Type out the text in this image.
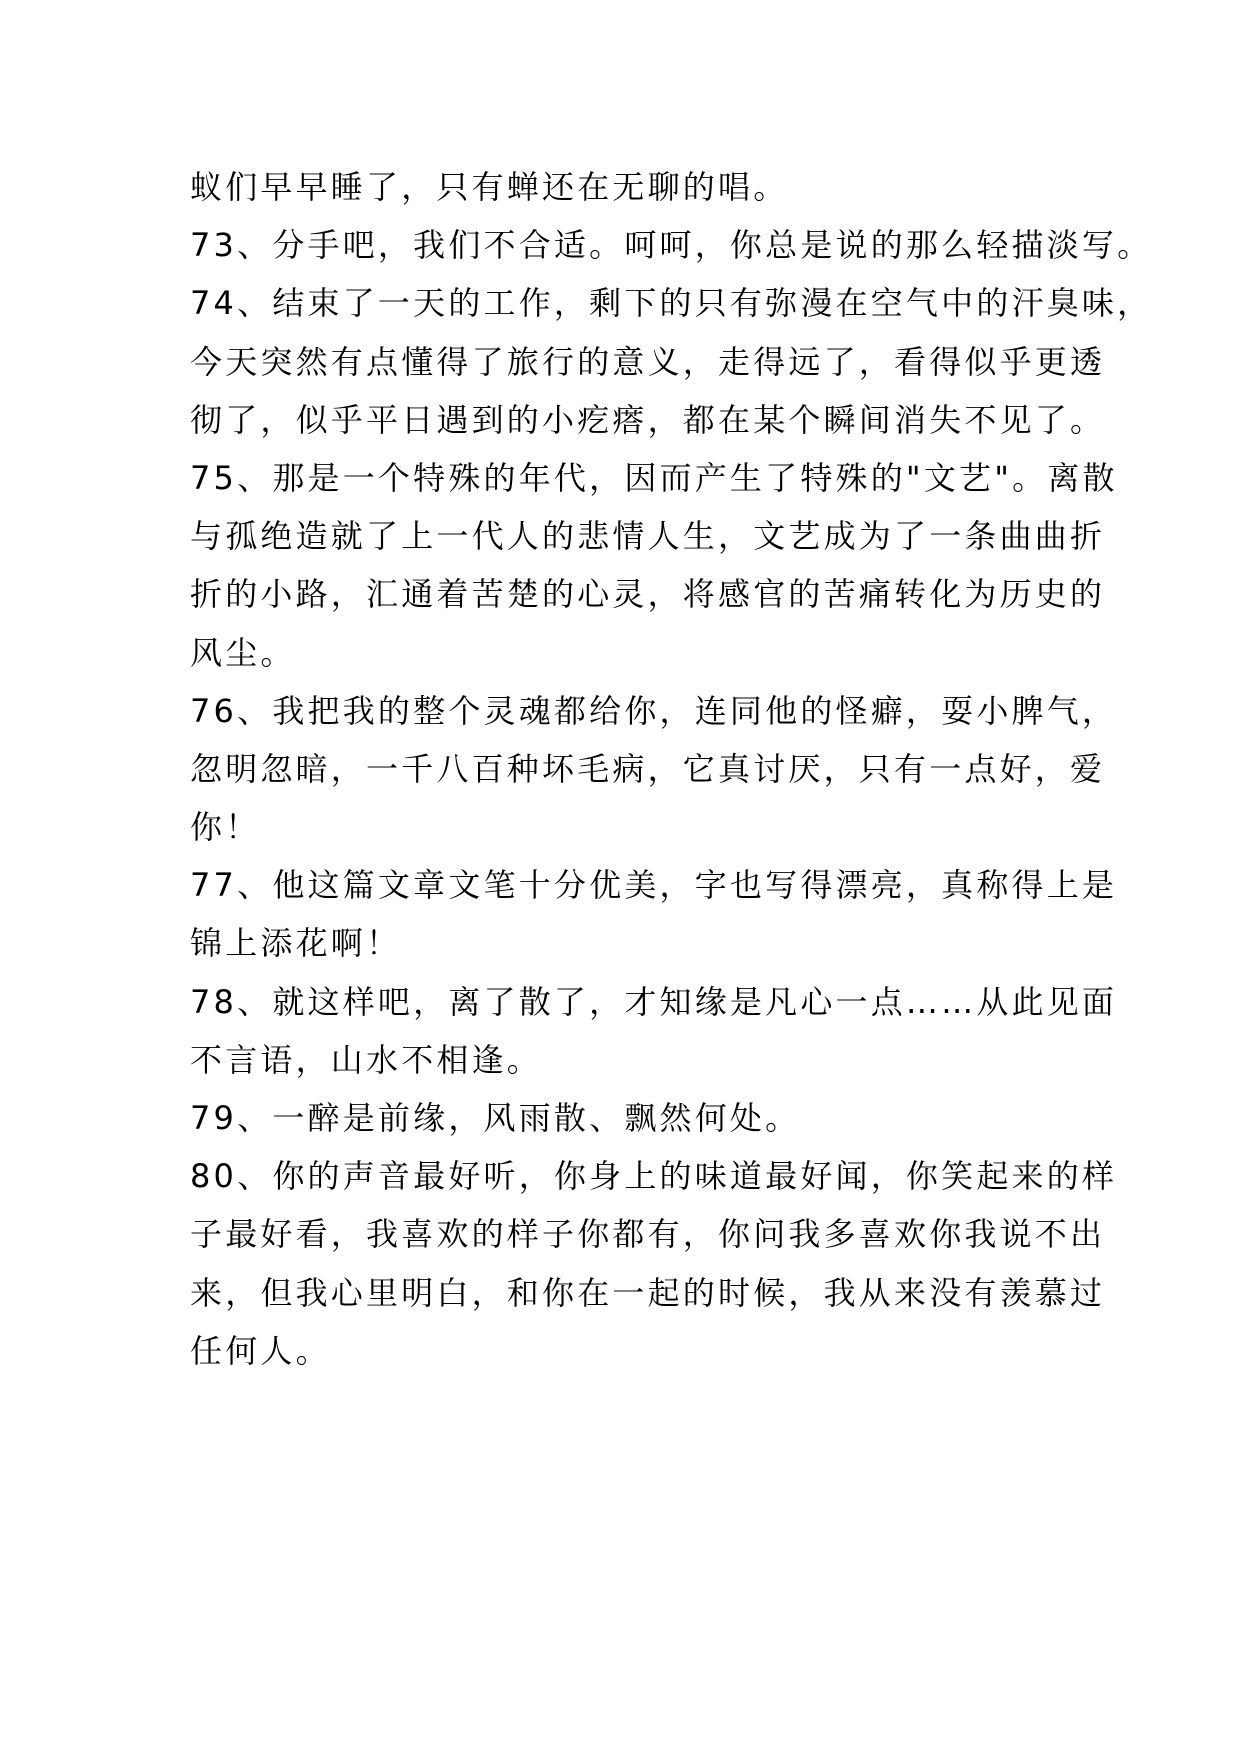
蚁们早早睡了，只有蝉还在无聊的唱。
73、分手吧，我们不合适。呵呵，你总是说的那么轻描淡写。
74、结束了一天的工作，剩下的只有弥漫在空气中的汗臭味，
今天突然有点懂得了旅行的意义，走得远了，看得似乎更透
彻了，似乎平日遇到的小疙瘩，都在某个瞬间消失不见了。
75、那是一个特殊的年代，因而产生了特殊的"文艺"。离散
与孤绝造就了上一代人的悲情人生，文艺成为了一条曲曲折
折的小路，汇通着苦楚的心灵，将感官的苦痛转化为历史的
风尘。
76、我把我的整个灵魂都给你，连同他的怪癖，耍小脾气，
忽明忽暗，一千八百种坏毛病，它真讨厌，只有一点好，爱
你！
77、他这篇文章文笔十分优美，字也写得漂亮，真称得上是
锦上添花啊！
78、就这样吧，离了散了，才知缘是凡心一点……从此见面
不言语，山水不相逢。
79、一醉是前缘，风雨散、飘然何处。
80、你的声音最好听，你身上的味道最好闻，你笑起来的样
子最好看，我喜欢的样子你都有，你问我多喜欢你我说不出
来，但我心里明白，和你在一起的时候，我从来没有羡慕过
任何人。
